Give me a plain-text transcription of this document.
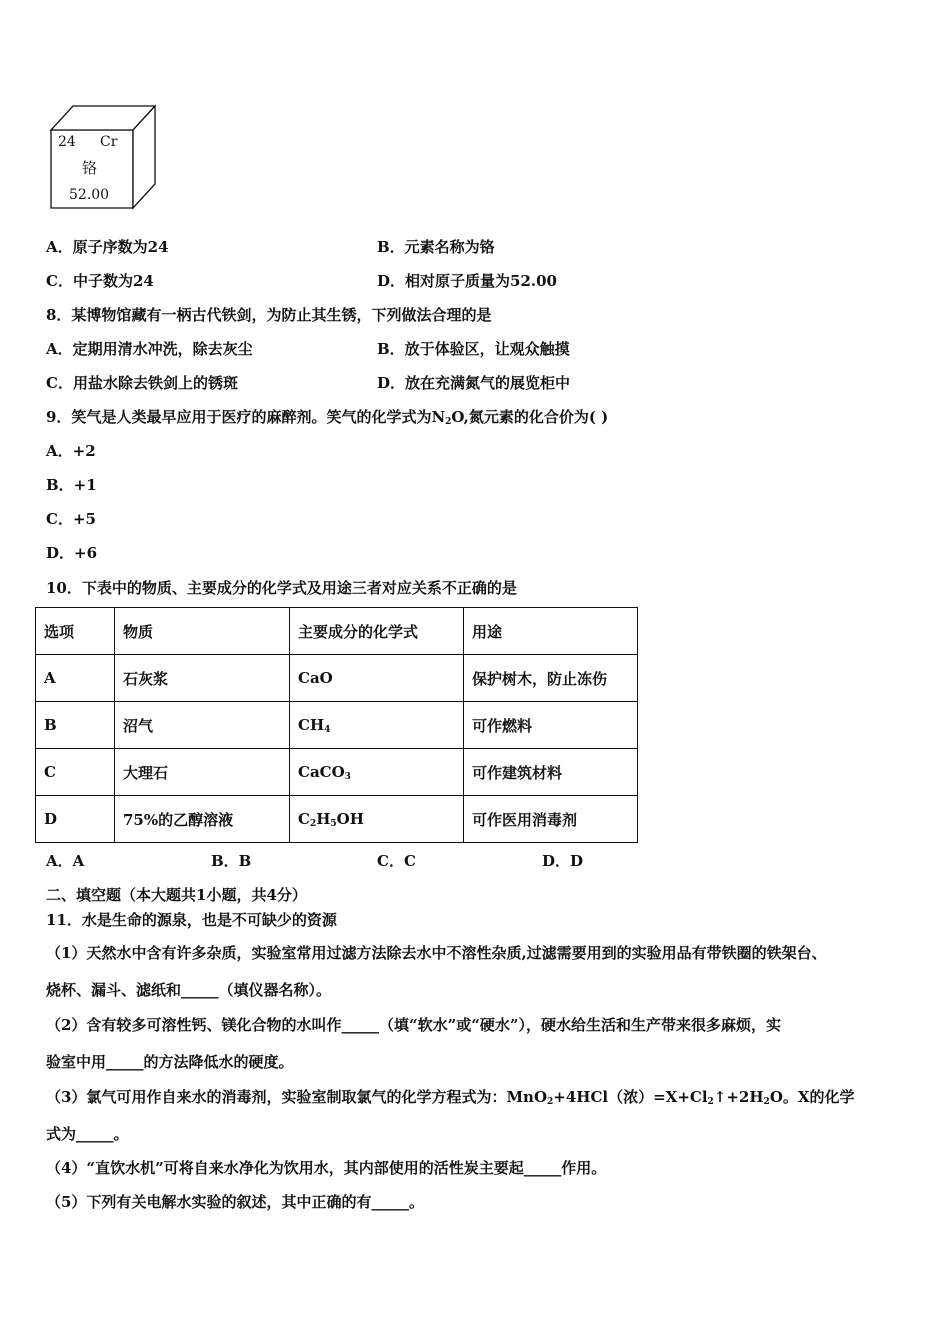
24 Cr
铬
52.00
A．原子序数为24	B．元素名称为铬
C．中子数为24	D．相对原子质量为52.00
8．某博物馆藏有一柄古代铁剑，为防止其生锈，下列做法合理的是
A．定期用清水冲洗，除去灰尘	B．放于体验区，让观众触摸
C．用盐水除去铁剑上的锈斑	D．放在充满氮气的展览柜中
9．笑气是人类最早应用于医疗的麻醉剂。笑气的化学式为$N_2O$,氮元素的化合价为( )
A．+2
B．+1
C．+5
D．+6
10．下表中的物质、主要成分的化学式及用途三者对应关系不正确的是
选项	物质	主要成分的化学式	用途
A	石灰浆	CaO	保护树木，防止冻伤
B	沼气	$CH_4$	可作燃料
C	大理石	CaCO$_3$	可作建筑材料
D	75%的乙醇溶液	$C_2H_5OH$	可作医用消毒剂
A．A	B．B	C．C	D．D
二、填空题（本大题共1小题，共4分）
11．水是生命的源泉，也是不可缺少的资源
（1）天然水中含有许多杂质，实验室常用过滤方法除去水中不溶性杂质,过滤需要用到的实验用品有带铁圈的铁架台、
烧杯、漏斗、滤纸和_____（填仪器名称）。
（2）含有较多可溶性钙、镁化合物的水叫作_____（填“软水”或“硬水”），硬水给生活和生产带来很多麻烦，实
验室中用_____的方法降低水的硬度。
（3）氯气可用作自来水的消毒剂，实验室制取氯气的化学方程式为：MnO$_2$+4HCl（浓）$=X+Cl_2↑+2H_2O$。X的化学
式为_____。
（4）“直饮水机”可将自来水净化为饮用水，其内部使用的活性炭主要起_____作用。
（5）下列有关电解水实验的叙述，其中正确的有_____。
